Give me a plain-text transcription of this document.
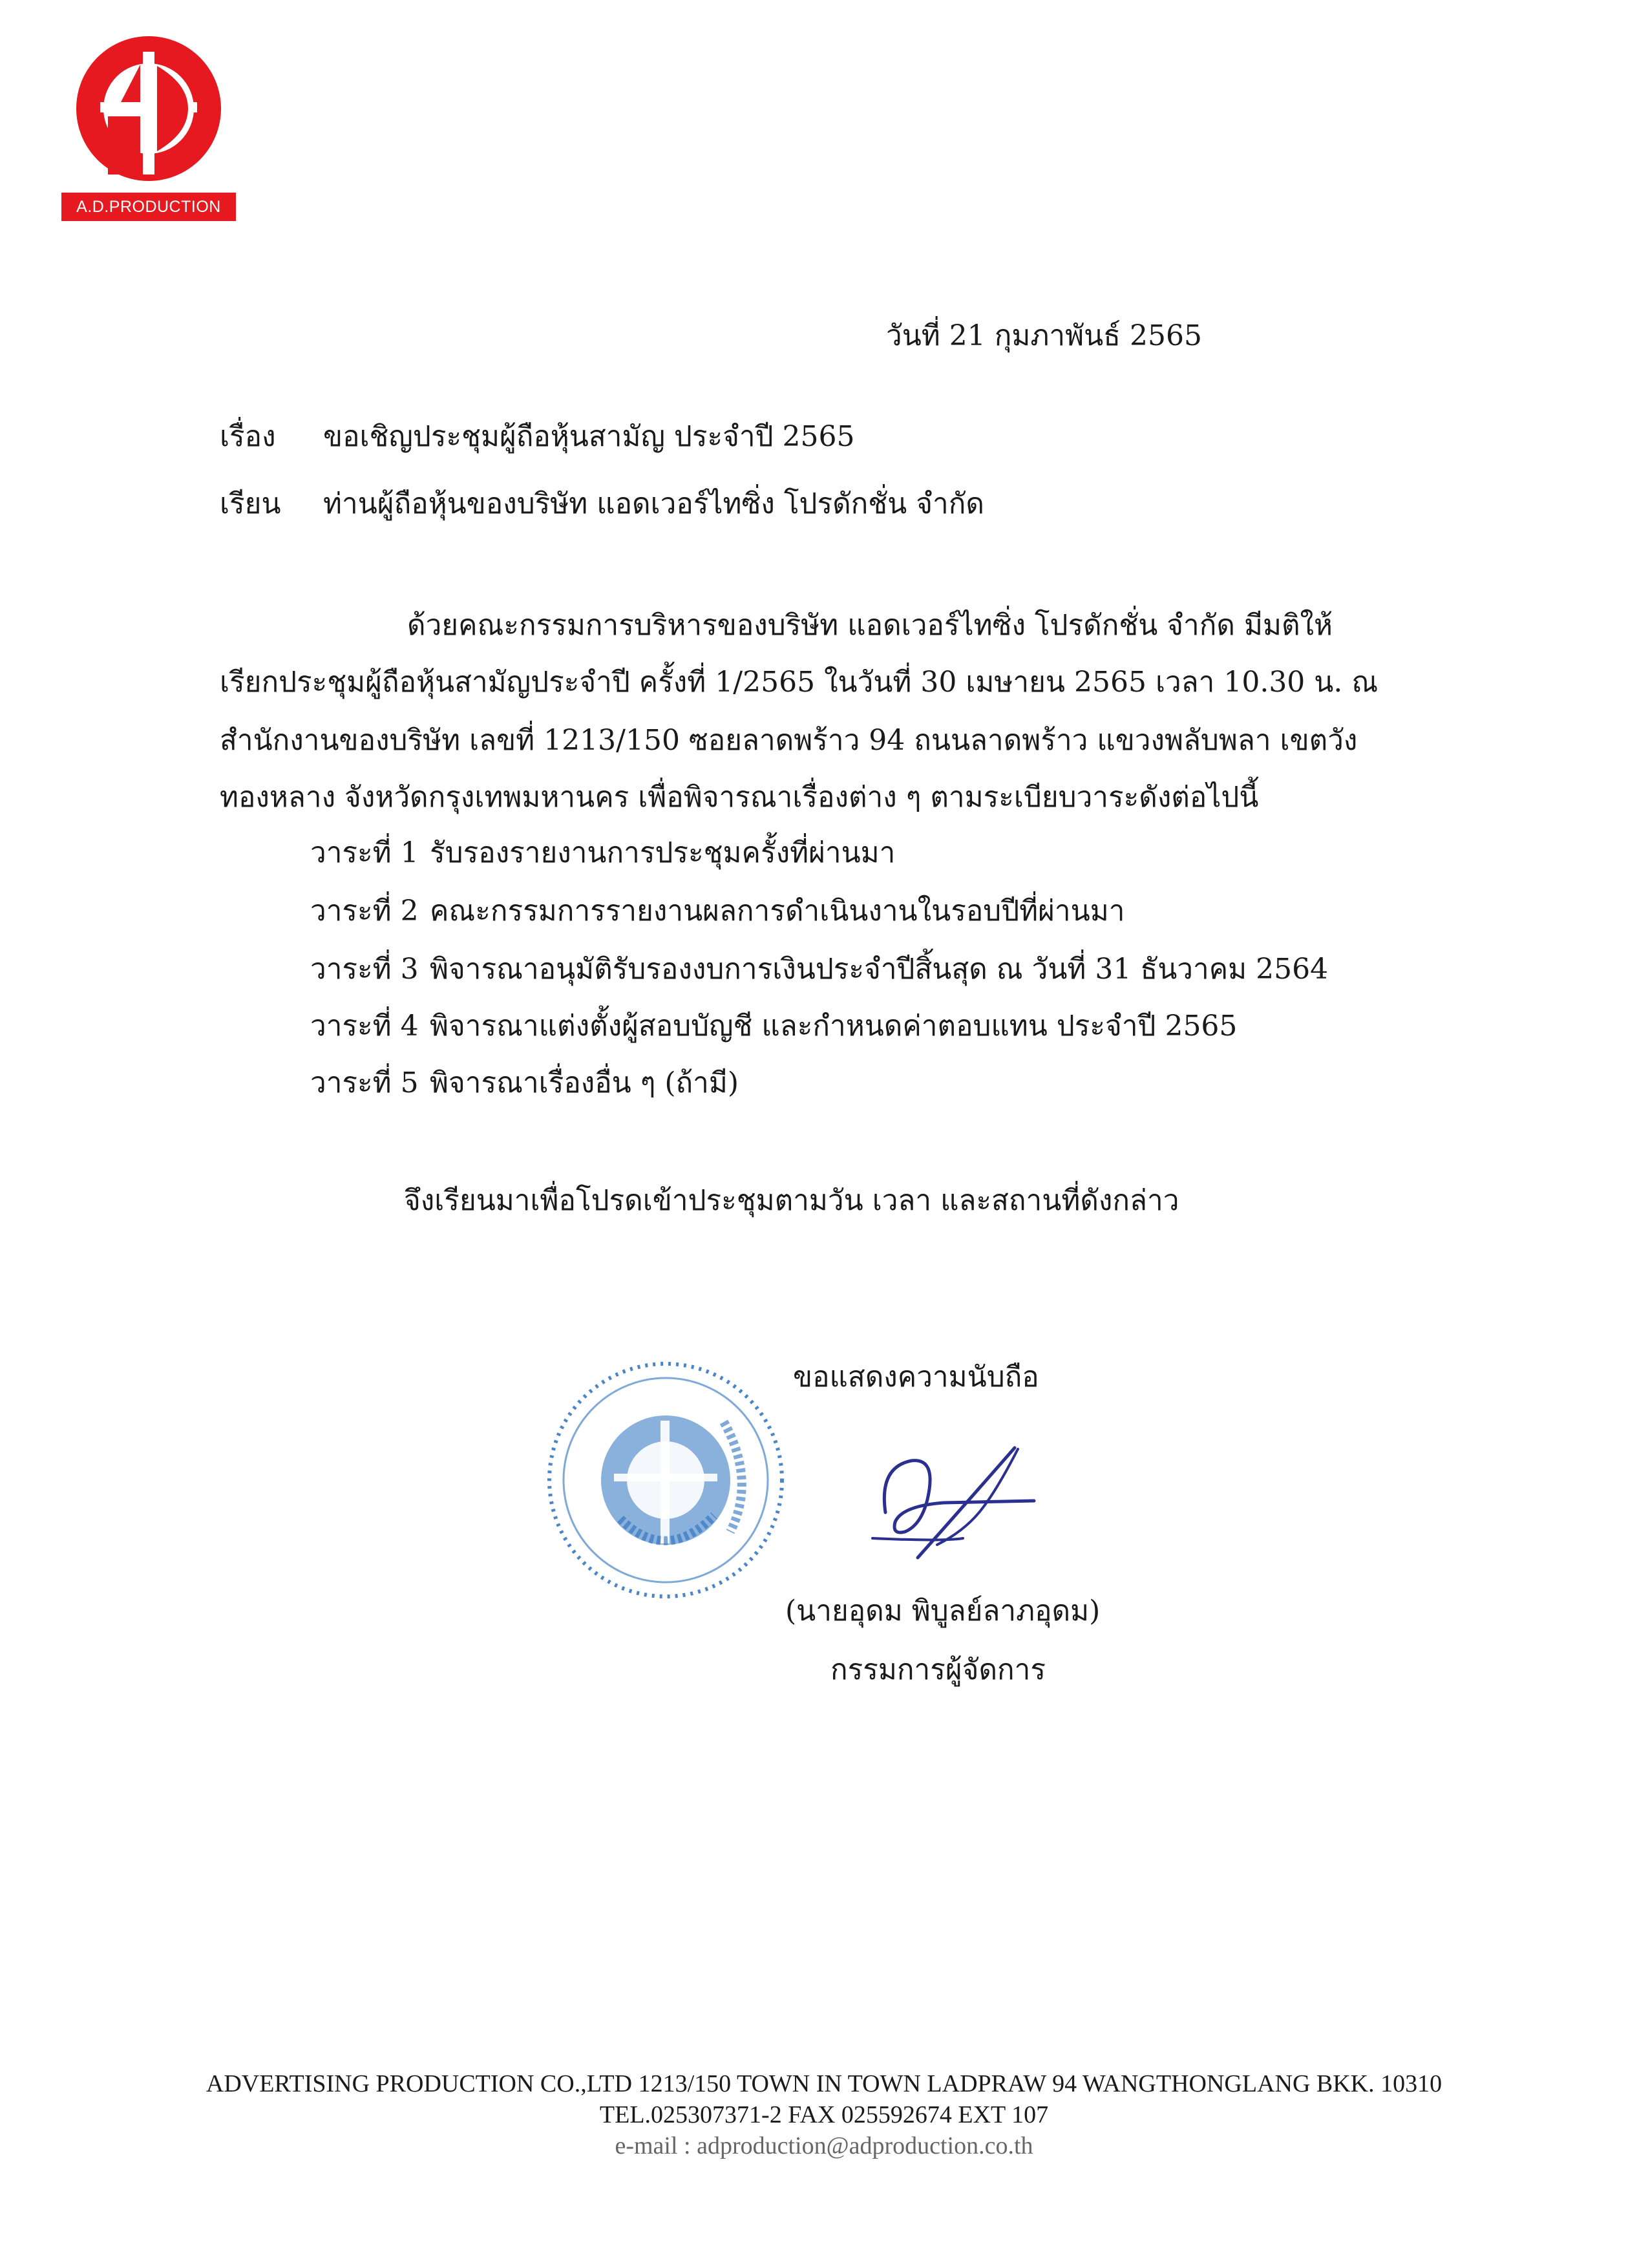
A.D.PRODUCTION
วันที่ 21 กุมภาพันธ์ 2565
เรื่อง ขอเชิญประชุมผู้ถือหุ้นสามัญ ประจำปี 2565
เรียน ท่านผู้ถือหุ้นของบริษัท แอดเวอร์ไทซิ่ง โปรดักชั่น จำกัด
ด้วยคณะกรรมการบริหารของบริษัท แอดเวอร์ไทซิ่ง โปรดักชั่น จำกัด มีมติให้
เรียกประชุมผู้ถือหุ้นสามัญประจำปี ครั้งที่ 1/2565 ในวันที่ 30 เมษายน 2565 เวลา 10.30 น. ณ
สำนักงานของบริษัท เลขที่ 1213/150 ซอยลาดพร้าว 94 ถนนลาดพร้าว แขวงพลับพลา เขตวัง
ทองหลาง จังหวัดกรุงเทพมหานคร เพื่อพิจารณาเรื่องต่าง ๆ ตามระเบียบวาระดังต่อไปนี้
วาระที่ 1 รับรองรายงานการประชุมครั้งที่ผ่านมา
วาระที่ 2 คณะกรรมการรายงานผลการดำเนินงานในรอบปีที่ผ่านมา
วาระที่ 3 พิจารณาอนุมัติรับรองงบการเงินประจำปีสิ้นสุด ณ วันที่ 31 ธันวาคม 2564
วาระที่ 4 พิจารณาแต่งตั้งผู้สอบบัญชี และกำหนดค่าตอบแทน ประจำปี 2565
วาระที่ 5 พิจารณาเรื่องอื่น ๆ (ถ้ามี)
จึงเรียนมาเพื่อโปรดเข้าประชุมตามวัน เวลา และสถานที่ดังกล่าว
ขอแสดงความนับถือ
(นายอุดม พิบูลย์ลาภอุดม)
กรรมการผู้จัดการ
ADVERTISING PRODUCTION CO.,LTD 1213/150 TOWN IN TOWN LADPRAW 94 WANGTHONGLANG BKK. 10310
TEL.025307371-2 FAX 025592674 EXT 107
e-mail : adproduction@adproduction.co.th
